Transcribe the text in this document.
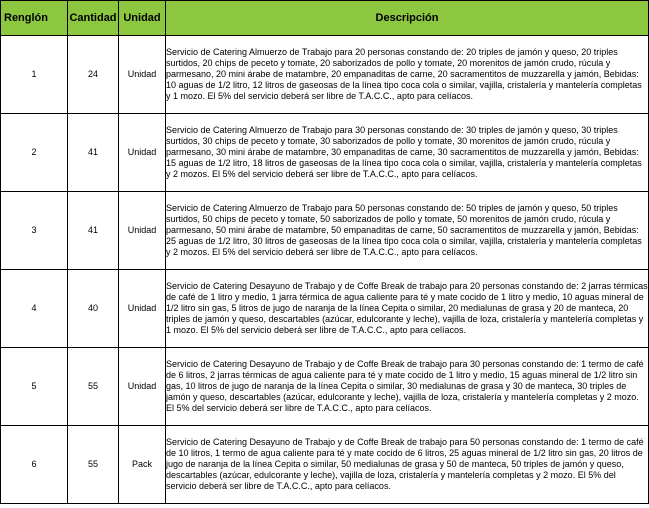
Renglón	Cantidad	Unidad	Descripción
1	24	Unidad	Servicio de Catering Almuerzo de Trabajo para 20 personas constando de: 20 triples de jamón y queso, 20 triples surtidos, 20 chips de peceto y tomate, 20 saborizados de pollo y tomate, 20 morenitos de jamón crudo, rúcula y parmesano, 20 mini árabe de matambre, 20 empanaditas de carne, 20 sacramentitos de muzzarella y jamón, Bebidas: 10 aguas de 1/2 litro, 12 litros de gaseosas de la línea tipo coca cola o similar, vajilla, cristalería y mantelería completas y 1 mozo. El 5% del servicio deberá ser libre de T.A.C.C., apto para celíacos.
2	41	Unidad	Servicio de Catering Almuerzo de Trabajo para 30 personas constando de: 30 triples de jamón y queso, 30 triples surtidos, 30 chips de peceto y tomate, 30 saborizados de pollo y tomate, 30 morenitos de jamón crudo, rúcula y parmesano, 30 mini árabe de matambre, 30 empanaditas de carne, 30 sacramentitos de muzzarella y jamón, Bebidas: 15 aguas de 1/2 litro, 18 litros de gaseosas de la línea tipo coca cola o similar, vajilla, cristalería y mantelería completas y 2 mozos. El 5% del servicio deberá ser libre de T.A.C.C., apto para celíacos.
3	41	Unidad	Servicio de Catering Almuerzo de Trabajo para 50 personas constando de: 50 triples de jamón y queso, 50 triples surtidos, 50 chips de peceto y tomate, 50 saborizados de pollo y tomate, 50 morenitos de jamón crudo, rúcula y parmesano, 50 mini árabe de matambre, 50 empanaditas de carne, 50 sacramentitos de muzzarella y jamón, Bebidas: 25 aguas de 1/2 litro, 30 litros de gaseosas de la línea tipo coca cola o similar, vajilla, cristalería y mantelería completas y 2 mozos. El 5% del servicio deberá ser libre de T.A.C.C., apto para celíacos.
4	40	Unidad	Servicio de Catering Desayuno de Trabajo y de Coffe Break de trabajo para 20 personas constando de: 2 jarras térmicas de café de 1 litro y medio, 1 jarra térmica de agua caliente para té y mate cocido de 1 litro y medio, 10 aguas mineral de 1/2 litro sin gas, 5 litros de jugo de naranja de la línea Cepita o similar, 20 medialunas de grasa y 20 de manteca, 20 triples de jamón y queso, descartables (azúcar, edulcorante y leche), vajilla de loza, cristalería y mantelería completas y 1 mozo. El 5% del servicio deberá ser libre de T.A.C.C., apto para celíacos.
5	55	Unidad	Servicio de Catering Desayuno de Trabajo y de Coffe Break de trabajo para 30 personas constando de: 1 termo de café de 6 litros, 2 jarras térmicas de agua caliente para té y mate cocido de 1 litro y medio, 15 aguas mineral de 1/2 litro sin gas, 10 litros de jugo de naranja de la línea Cepita o similar, 30 medialunas de grasa y 30 de manteca, 30 triples de jamón y queso, descartables (azúcar, edulcorante y leche), vajilla de loza, cristalería y mantelería completas y 2 mozo. El 5% del servicio deberá ser libre de T.A.C.C., apto para celíacos.
6	55	Pack	Servicio de Catering Desayuno de Trabajo y de Coffe Break de trabajo para 50 personas constando de: 1 termo de café de 10 litros, 1 termo de agua caliente para té y mate cocido de 6 litros, 25 aguas mineral de 1/2 litro sin gas, 20 litros de jugo de naranja de la línea Cepita o similar, 50 medialunas de grasa y 50 de manteca, 50 triples de jamón y queso, descartables (azúcar, edulcorante y leche), vajilla de loza, cristalería y mantelería completas y 2 mozo. El 5% del servicio deberá ser libre de T.A.C.C., apto para celíacos.
